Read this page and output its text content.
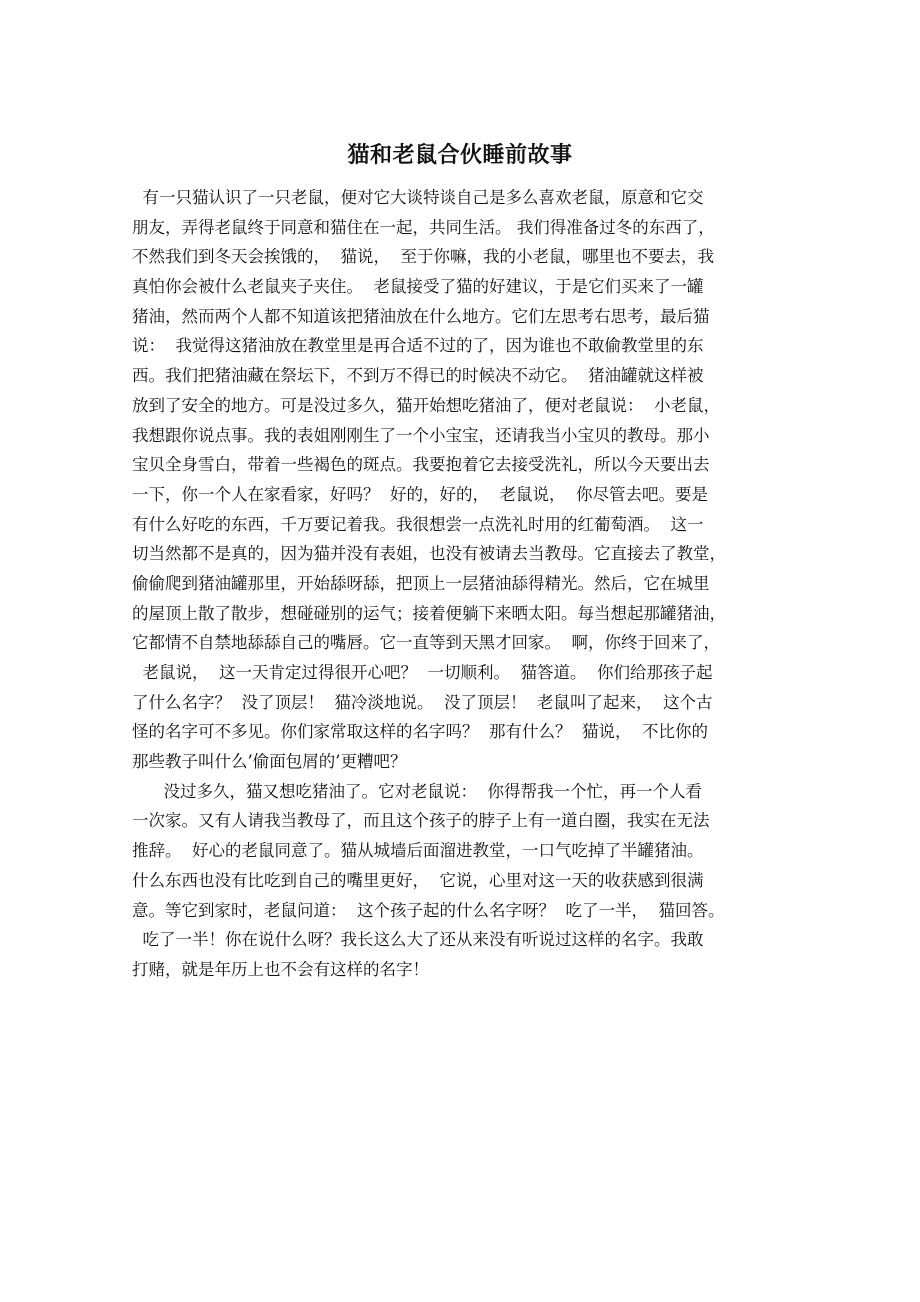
猫和老鼠合伙睡前故事
有一只猫认识了一只老鼠，便对它大谈特谈自己是多么喜欢老鼠，原意和它交
朋友，弄得老鼠终于同意和猫住在一起，共同生活。 我们得准备过冬的东西了，
不然我们到冬天会挨饿的，  猫说，  至于你嘛，我的小老鼠，哪里也不要去，我
真怕你会被什么老鼠夹子夹住。  老鼠接受了猫的好建议，于是它们买来了一罐
猪油，然而两个人都不知道该把猪油放在什么地方。它们左思考右思考，最后猫
说：  我觉得这猪油放在教堂里是再合适不过的了，因为谁也不敢偷教堂里的东
西。我们把猪油藏在祭坛下，不到万不得已的时候决不动它。  猪油罐就这样被
放到了安全的地方。可是没过多久，猫开始想吃猪油了，便对老鼠说：  小老鼠，
我想跟你说点事。我的表姐刚刚生了一个小宝宝，还请我当小宝贝的教母。那小
宝贝全身雪白，带着一些褐色的斑点。我要抱着它去接受洗礼，所以今天要出去
一下，你一个人在家看家，好吗？  好的，好的，  老鼠说，  你尽管去吧。要是
有什么好吃的东西，千万要记着我。我很想尝一点洗礼时用的红葡萄酒。  这一
切当然都不是真的，因为猫并没有表姐，也没有被请去当教母。它直接去了教堂，
偷偷爬到猪油罐那里，开始舔呀舔，把顶上一层猪油舔得精光。然后，它在城里
的屋顶上散了散步，想碰碰别的运气；接着便躺下来晒太阳。每当想起那罐猪油，
它都情不自禁地舔舔自己的嘴唇。它一直等到天黑才回家。  啊，你终于回来了，
老鼠说，  这一天肯定过得很开心吧？  一切顺利。  猫答道。  你们给那孩子起
了什么名字？  没了顶层！  猫冷淡地说。  没了顶层！  老鼠叫了起来，  这个古
怪的名字可不多见。你们家常取这样的名字吗？  那有什么？  猫说，  不比你的
那些教子叫什么’偷面包屑的’更糟吧？
没过多久，猫又想吃猪油了。它对老鼠说：  你得帮我一个忙，再一个人看
一次家。又有人请我当教母了，而且这个孩子的脖子上有一道白圈，我实在无法
推辞。  好心的老鼠同意了。猫从城墙后面溜进教堂，一口气吃掉了半罐猪油。
什么东西也没有比吃到自己的嘴里更好，  它说，心里对这一天的收获感到很满
意。等它到家时，老鼠问道：  这个孩子起的什么名字呀？  吃了一半，  猫回答。
吃了一半！你在说什么呀？我长这么大了还从来没有听说过这样的名字。我敢
打赌，就是年历上也不会有这样的名字！
